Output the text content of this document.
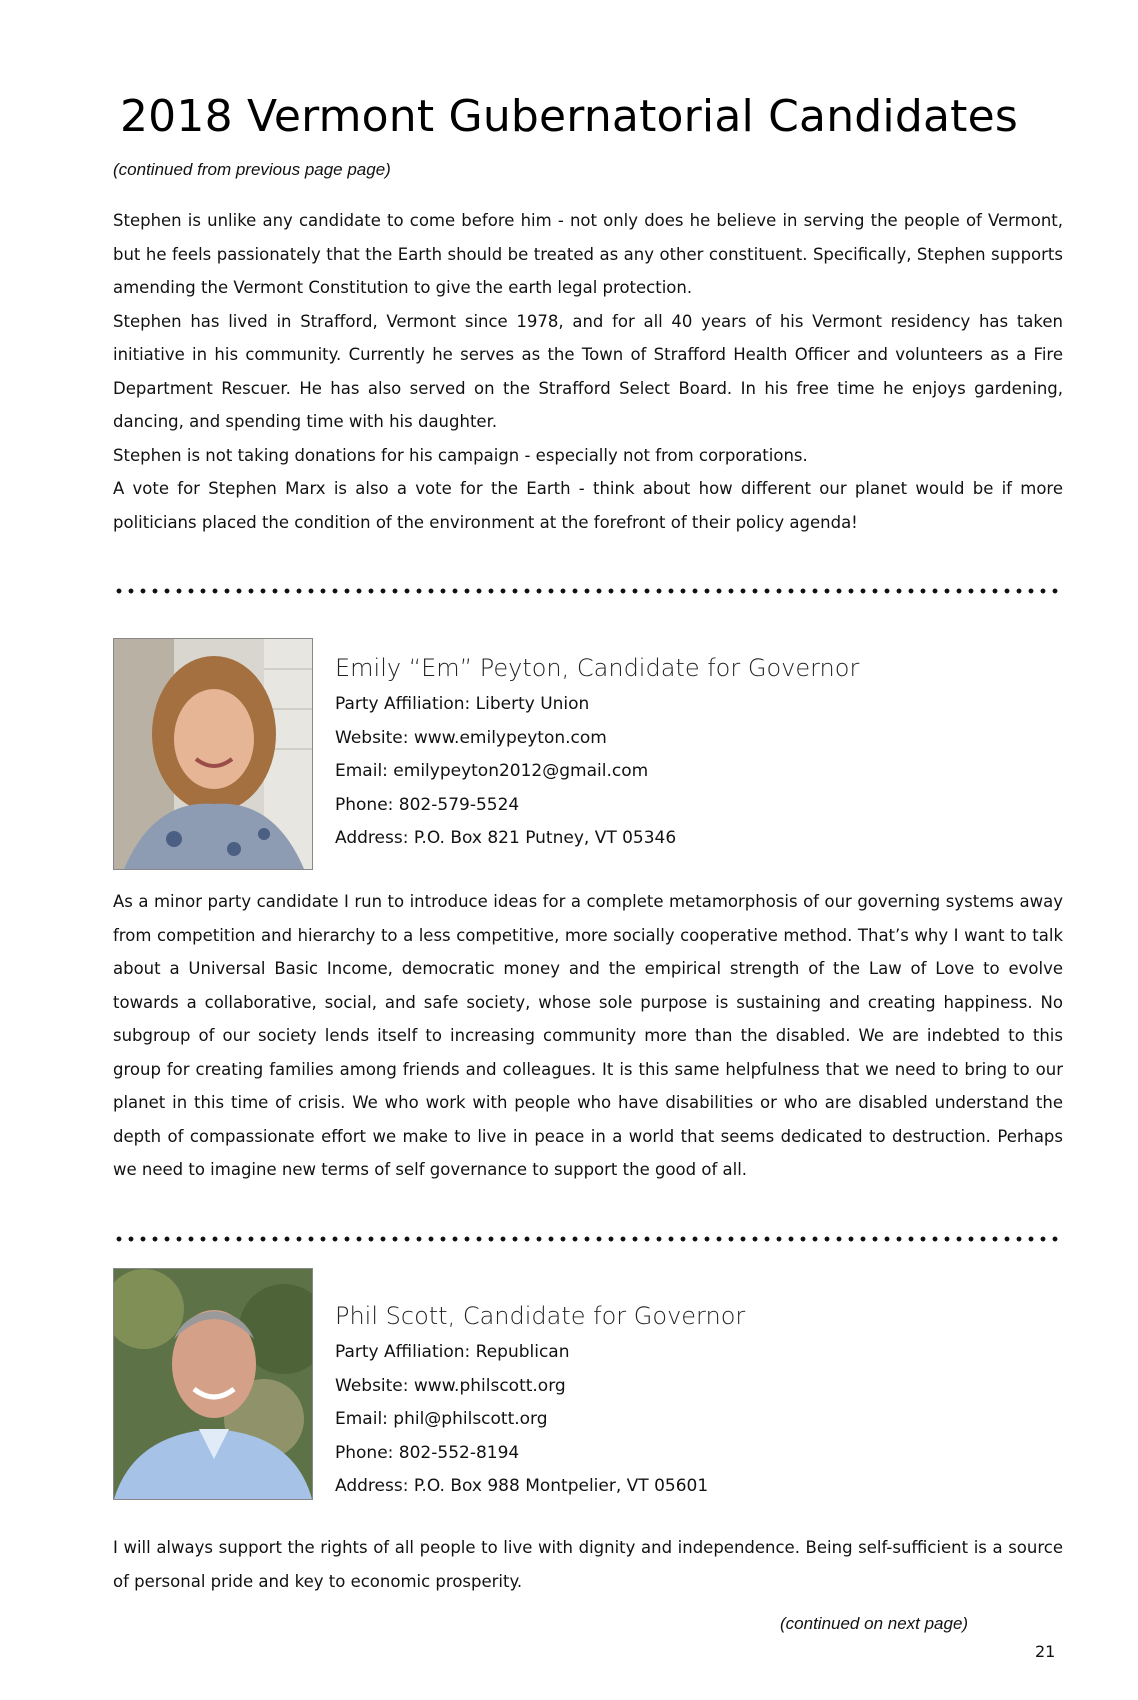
2018 Vermont Gubernatorial Candidates
(continued from previous page page)

Stephen is unlike any candidate to come before him - not only does he believe in serving the people of Vermont, but he feels passionately that the Earth should be treated as any other constituent. Specifically, Stephen supports amending the Vermont Constitution to give the earth legal protection.

Stephen has lived in Strafford, Vermont since 1978, and for all 40 years of his Vermont residency has taken initiative in his community. Currently he serves as the Town of Strafford Health Officer and volunteers as a Fire Department Rescuer. He has also served on the Strafford Select Board. In his free time he enjoys gardening, dancing, and spending time with his daughter.

Stephen is not taking donations for his campaign - especially not from corporations.

A vote for Stephen Marx is also a vote for the Earth - think about how different our planet would be if more politicians placed the condition of the environment at the forefront of their policy agenda!

Emily “Em” Peyton, Candidate for Governor
Party Affiliation: Liberty Union
Website: www.emilypeyton.com
Email: emilypeyton2012@gmail.com
Phone: 802-579-5524
Address: P.O. Box 821 Putney, VT 05346

As a minor party candidate I run to introduce ideas for a complete metamorphosis of our governing systems away from competition and hierarchy to a less competitive, more socially cooperative method. That’s why I want to talk about a Universal Basic Income, democratic money and the empirical strength of the Law of Love to evolve towards a collaborative, social, and safe society, whose sole purpose is sustaining and creating happiness. No subgroup of our society lends itself to increasing community more than the disabled. We are indebted to this group for creating families among friends and colleagues. It is this same helpfulness that we need to bring to our planet in this time of crisis. We who work with people who have disabilities or who are disabled understand the depth of compassionate effort we make to live in peace in a world that seems dedicated to destruction. Perhaps we need to imagine new terms of self governance to support the good of all.

Phil Scott, Candidate for Governor
Party Affiliation: Republican
Website: www.philscott.org
Email: phil@philscott.org
Phone: 802-552-8194
Address: P.O. Box 988 Montpelier, VT 05601

I will always support the rights of all people to live with dignity and independence. Being self-sufficient is a source of personal pride and key to economic prosperity.

(continued on next page)
21
